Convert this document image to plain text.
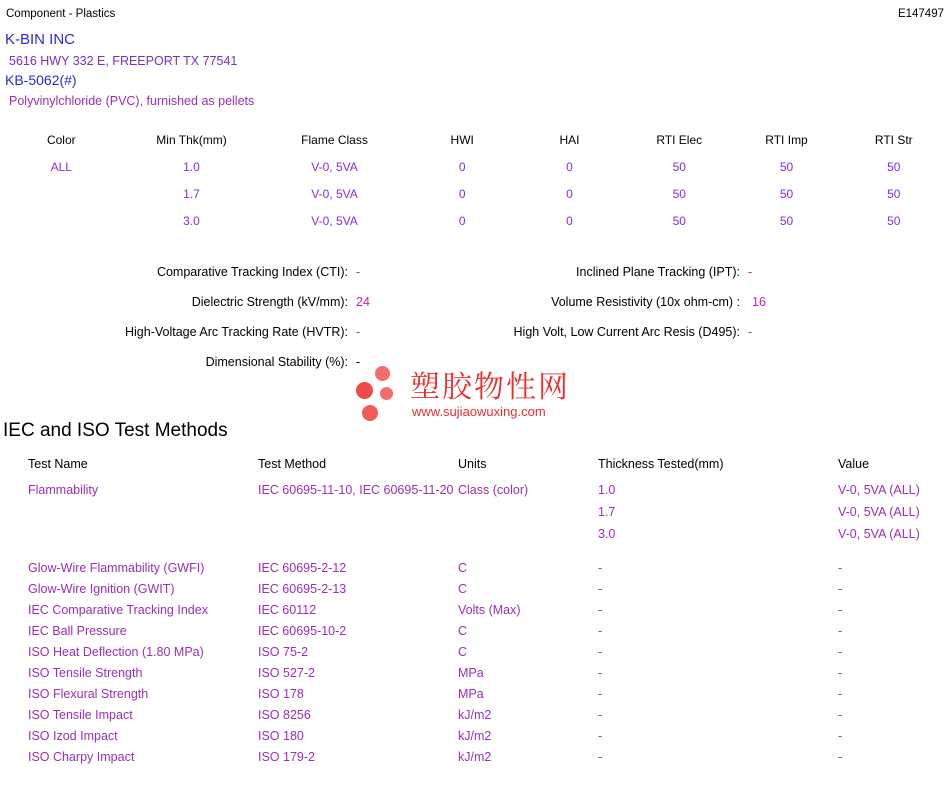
Component - Plastics	E147497
K-BIN INC
5616 HWY 332 E, FREEPORT TX 77541
KB-5062(#)
Polyvinylchloride (PVC), furnished as pellets
Color	Min Thk(mm)	Flame Class	HWI	HAI	RTI Elec	RTI Imp	RTI Str
ALL	1.0	V-0, 5VA	0	0	50	50	50
	1.7	V-0, 5VA	0	0	50	50	50
	3.0	V-0, 5VA	0	0	50	50	50
Comparative Tracking Index (CTI): -	Inclined Plane Tracking (IPT): -
Dielectric Strength (kV/mm): 24	Volume Resistivity (10x ohm-cm) : 16
High-Voltage Arc Tracking Rate (HVTR): -	High Volt, Low Current Arc Resis (D495): -
Dimensional Stability (%): -
塑胶物性网
www.sujiaowuxing.com
IEC and ISO Test Methods
Test Name	Test Method	Units	Thickness Tested(mm)	Value
Flammability	IEC 60695-11-10, IEC 60695-11-20	Class (color)	1.0	V-0, 5VA (ALL)
			1.7	V-0, 5VA (ALL)
			3.0	V-0, 5VA (ALL)
Glow-Wire Flammability (GWFI)	IEC 60695-2-12	C	-	-
Glow-Wire Ignition (GWIT)	IEC 60695-2-13	C	-	-
IEC Comparative Tracking Index	IEC 60112	Volts (Max)	-	-
IEC Ball Pressure	IEC 60695-10-2	C	-	-
ISO Heat Deflection (1.80 MPa)	ISO 75-2	C	-	-
ISO Tensile Strength	ISO 527-2	MPa	-	-
ISO Flexural Strength	ISO 178	MPa	-	-
ISO Tensile Impact	ISO 8256	kJ/m2	-	-
ISO Izod Impact	ISO 180	kJ/m2	-	-
ISO Charpy Impact	ISO 179-2	kJ/m2	-	-
